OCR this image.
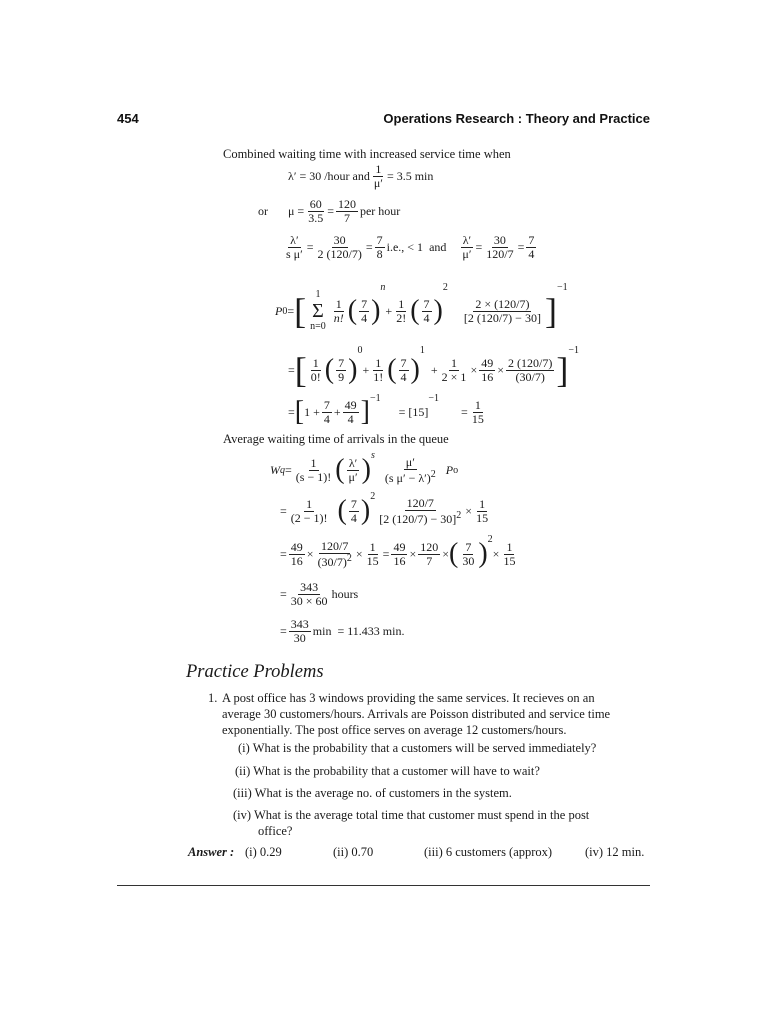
454	Operations Research : Theory and Practice
Combined waiting time with increased service time when
λ′ = 30 /hour and $\frac{1}{\mu'} = 3.5$ min
or $\mu = \frac{60}{3.5} = \frac{120}{7}$ per hour
$\frac{\lambda'}{\text{s μ′}} = \frac{30}{2 (120/7)} = \frac{7}{8} i.e$., < 1 and $\frac{\lambda'}{\mu'} = \frac{30}{120/7} = \frac{7}{4}$
P 0 = [ 1
Σ
n=0
$\frac{1}{n!}$ ( $\frac{7}{4}$ )
n
+ $\frac{1}{2!}$ ( $\frac{7}{4}$ )
2
$\frac{2 \times (120/7)}{[2 (120/7) - 30]}$ ]
−1
= [ $\frac{1}{0!}$ ( $\frac{7}{9}$ )
0
+ $\frac{1}{1!}$ ( $\frac{7}{4}$ )
1
+ $\frac{1}{2 \times 1} \times \frac{49}{16} \times \frac{2 (120/7)}{(30/7)} ]^{-1}$
= [ $1 + \frac{7}{4} + \frac{49}{4} ]^{-1}$
= [15]
−1
= $\frac{1}{15}$
Average waiting time of arrivals in the queue
W $q = \frac{1}{(s - 1)!}$ ( $\frac{\lambda'}{\mu'} )^s$
$\frac{\mu'}{(s \mu' - \lambda')^2}$ P o
= $\frac{1}{(2 - 1)!}$ ( $\frac{7}{4} )^2$
$\frac{120/7}{[2 (120/7) - 30]^2} \times \frac{1}{15}$
= $\frac{49}{16} \times \frac{120/7}{(30/7)^2} \times \frac{1}{15} = \frac{49}{16} \times \frac{120}{7}$ × ( $\frac{7}{30} )^2$
× $\frac{1}{15}$
= $\frac{343}{30 \times 60}$ hours
= $\frac{343}{30}$ min = 11.433 min.
Practice Problems
1. A post office has 3 windows providing the same services. It recieves on an
average 30 customers/hours. Arrivals are Poisson distributed and service time
exponentially. The post office serves on average 12 customers/hours.
(i) What is the probability that a customers will be served immediately?
(ii) What is the probability that a customer will have to wait?
(iii) What is the average no. of customers in the system.
(iv) What is the average total time that customer must spend in the post
office?
Answer : (i) 0.29	(ii) 0.70	(iii) 6 customers (approx)	(iv) 12 min.
